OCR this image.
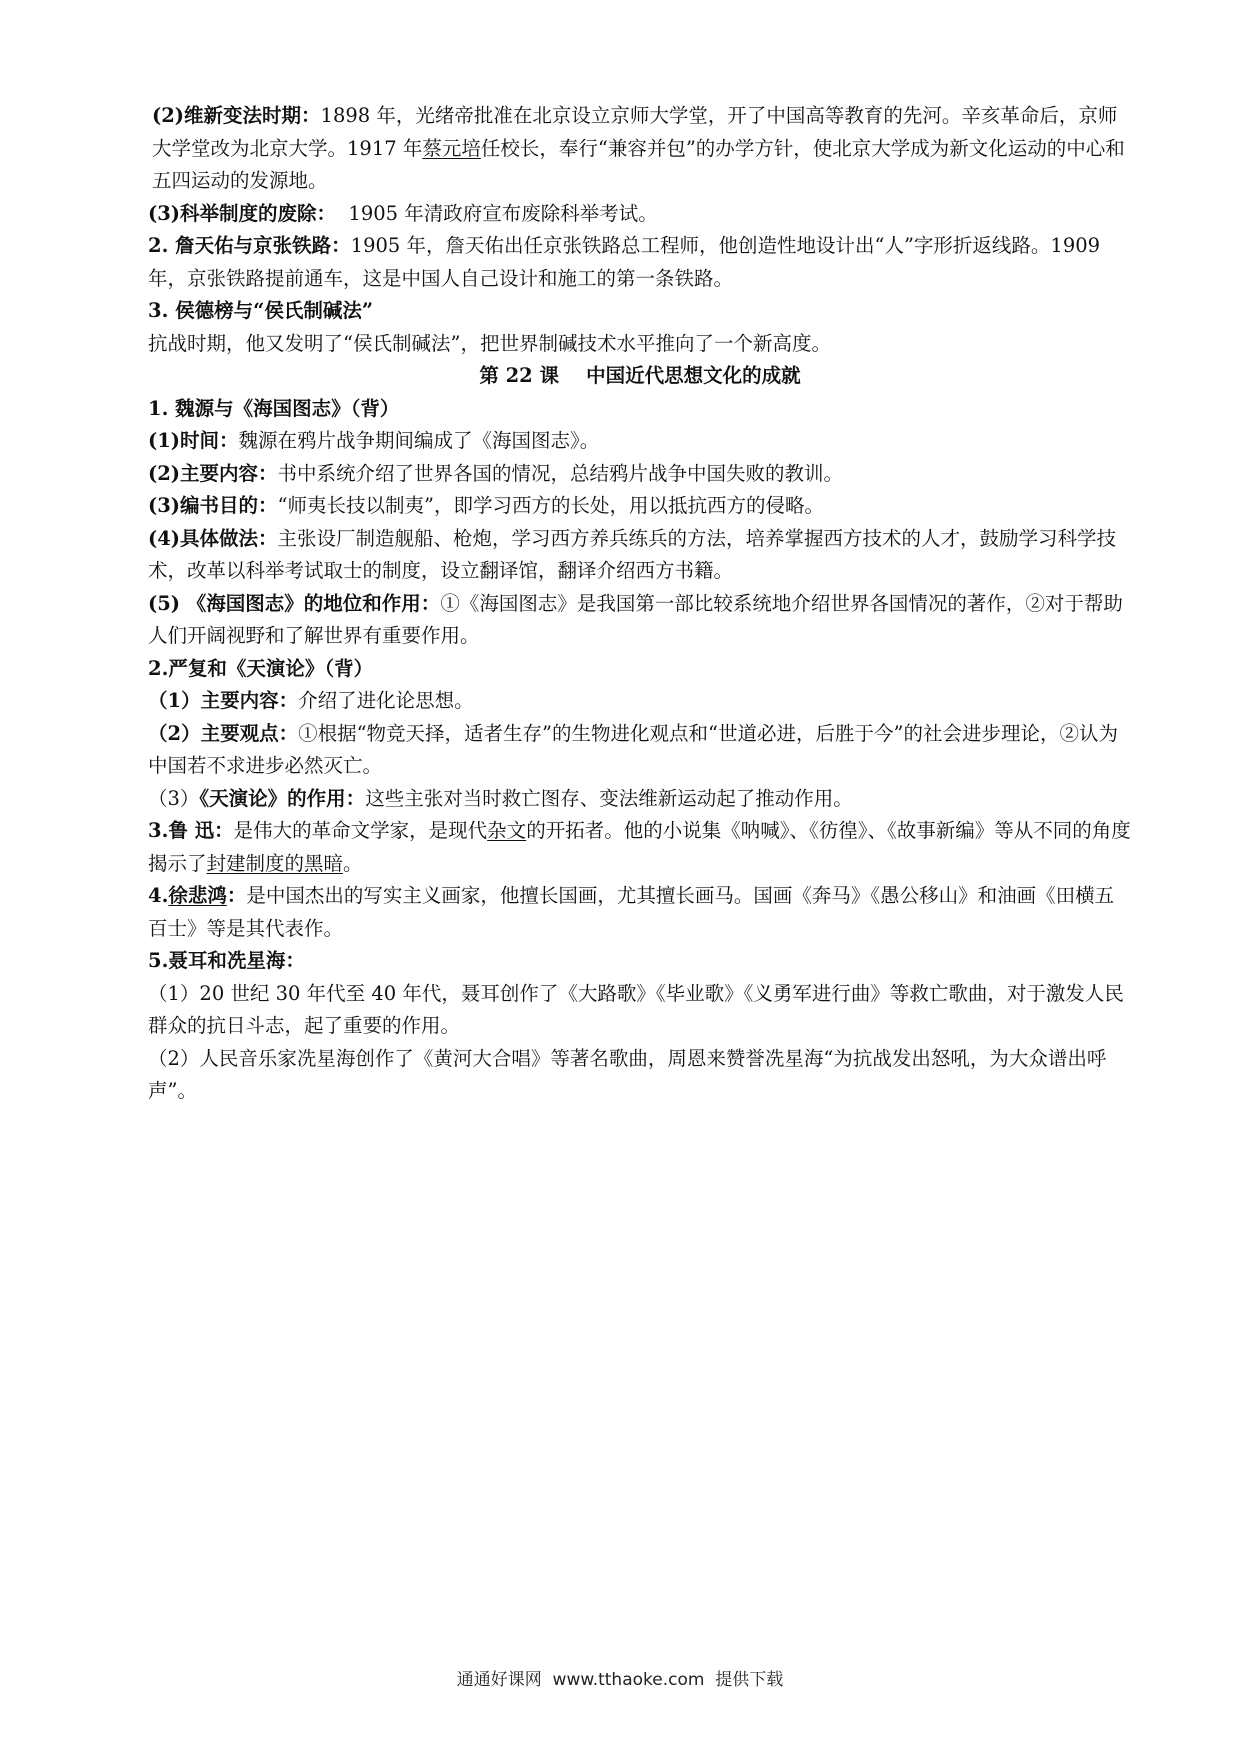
(2)维新变法时期：1898 年，光绪帝批准在北京设立京师大学堂，开了中国高等教育的先河。辛亥革命后，京师大学堂改为北京大学。1917 年蔡元培任校长，奉行“兼容并包”的办学方针，使北京大学成为新文化运动的中心和五四运动的发源地。

(3)科举制度的废除：  1905 年清政府宣布废除科举考试。

2. 詹天佑与京张铁路：1905 年，詹天佑出任京张铁路总工程师，他创造性地设计出“人”字形折返线路。1909 年，京张铁路提前通车，这是中国人自己设计和施工的第一条铁路。

3. 侯德榜与“侯氏制碱法”

抗战时期，他又发明了“侯氏制碱法”，把世界制碱技术水平推向了一个新高度。

第 22 课    中国近代思想文化的成就

1. 魏源与《海国图志》（背）

(1)时间：魏源在鸦片战争期间编成了《海国图志》。

(2)主要内容：书中系统介绍了世界各国的情况，总结鸦片战争中国失败的教训。

(3)编书目的：“师夷长技以制夷”，即学习西方的长处，用以抵抗西方的侵略。

(4)具体做法：主张设厂制造舰船、枪炮，学习西方养兵练兵的方法，培养掌握西方技术的人才，鼓励学习科学技术，改革以科举考试取士的制度，设立翻译馆，翻译介绍西方书籍。

(5) 《海国图志》的地位和作用：①《海国图志》是我国第一部比较系统地介绍世界各国情况的著作，②对于帮助人们开阔视野和了解世界有重要作用。

2.严复和《天演论》（背）

（1）主要内容：介绍了进化论思想。

（2）主要观点：①根据“物竞天择，适者生存”的生物进化观点和“世道必进，后胜于今”的社会进步理论，②认为中国若不求进步必然灭亡。

（3）《天演论》的作用：这些主张对当时救亡图存、变法维新运动起了推动作用。

3.鲁 迅：是伟大的革命文学家，是现代杂文的开拓者。他的小说集《呐喊》、《彷徨》、《故事新编》等从不同的角度揭示了封建制度的黑暗。

4.徐悲鸿：是中国杰出的写实主义画家，他擅长国画，尤其擅长画马。国画《奔马》《愚公移山》和油画《田横五百士》等是其代表作。

5.聂耳和冼星海：

（1）20 世纪 30 年代至 40 年代，聂耳创作了《大路歌》《毕业歌》《义勇军进行曲》等救亡歌曲，对于激发人民群众的抗日斗志，起了重要的作用。

（2）人民音乐家冼星海创作了《黄河大合唱》等著名歌曲，周恩来赞誉冼星海“为抗战发出怒吼，为大众谱出呼声”。

通通好课网  www.tthaoke.com  提供下载
